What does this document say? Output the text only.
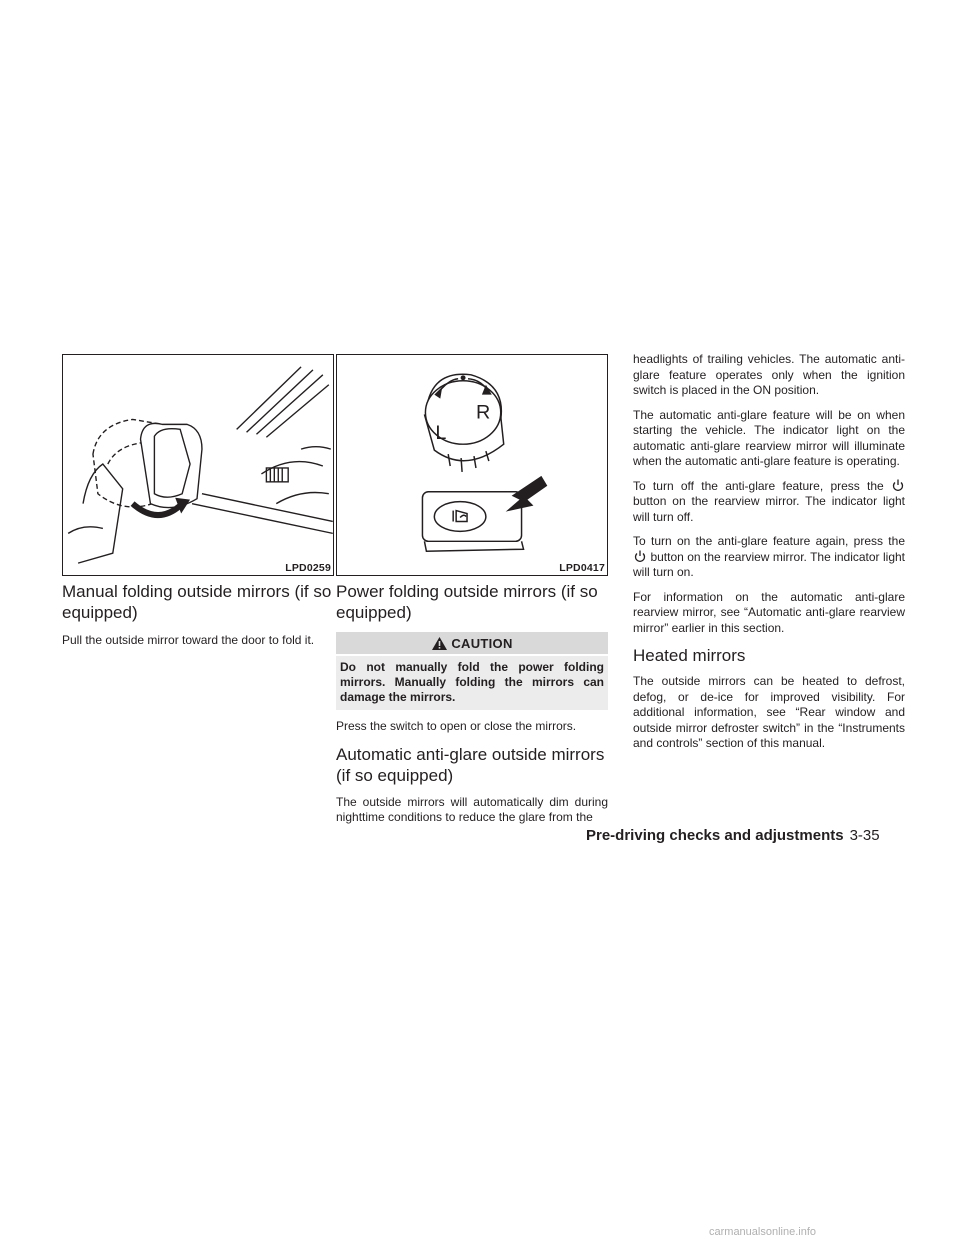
LPD0259
Manual folding outside mirrors (if so equipped)

Pull the outside mirror toward the door to fold it.

L
R
LPD0417
Power folding outside mirrors (if so equipped)
CAUTION
Do not manually fold the power folding mirrors. Manually folding the mirrors can damage the mirrors.

Press the switch to open or close the mirrors.

Automatic anti-glare outside mirrors (if so equipped)

The outside mirrors will automatically dim during nighttime conditions to reduce the glare from the

headlights of trailing vehicles. The automatic anti-glare feature operates only when the ignition switch is placed in the ON position.

The automatic anti-glare feature will be on when starting the vehicle. The indicator light on the automatic anti-glare rearview mirror will illuminate when the automatic anti-glare feature is operating.

To turn off the anti-glare feature, press the  button on the rearview mirror. The indicator light will turn off.

To turn on the anti-glare feature again, press the  button on the rearview mirror. The indicator light will turn on.

For information on the automatic anti-glare rearview mirror, see “Automatic anti-glare rearview mirror” earlier in this section.

Heated mirrors

The outside mirrors can be heated to defrost, defog, or de-ice for improved visibility. For additional information, see “Rear window and outside mirror defroster switch” in the “Instruments and controls” section of this manual.

Pre-driving checks and adjustments 3-35
carmanualsonline.info
